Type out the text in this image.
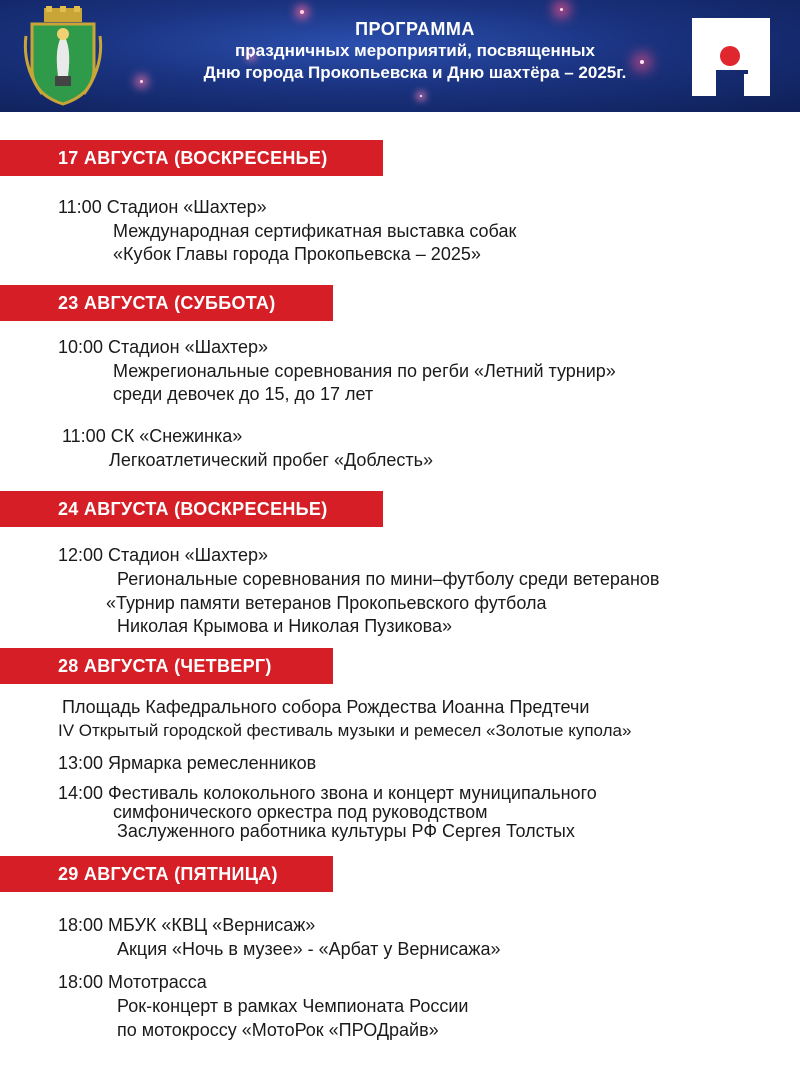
ПРОГРАММА
праздничных мероприятий, посвященных
Дню города Прокопьевска и Дню шахтёра – 2025г.
17 АВГУСТА (ВОСКРЕСЕНЬЕ)
11:00 Стадион «Шахтер»
Международная сертификатная выставка собак
«Кубок Главы города Прокопьевска – 2025»
23 АВГУСТА (СУББОТА)
10:00 Стадион «Шахтер»
Межрегиональные соревнования по регби «Летний турнир»
среди девочек до 15, до 17 лет
11:00 СК «Снежинка»
Легкоатлетический пробег «Доблесть»
24 АВГУСТА (ВОСКРЕСЕНЬЕ)
12:00 Стадион «Шахтер»
Региональные соревнования по мини–футболу среди ветеранов
«Турнир памяти ветеранов Прокопьевского футбола
Николая Крымова и Николая Пузикова»
28 АВГУСТА (ЧЕТВЕРГ)
Площадь Кафедрального собора Рождества Иоанна Предтечи
IV Открытый городской фестиваль музыки и ремесел «Золотые купола»
13:00 Ярмарка ремесленников
14:00 Фестиваль колокольного звона и концерт муниципального
симфонического оркестра под руководством
Заслуженного работника культуры РФ Сергея Толстых
29 АВГУСТА (ПЯТНИЦА)
18:00 МБУК «КВЦ «Вернисаж»
Акция «Ночь в музее» - «Арбат у Вернисажа»
18:00 Мототрасса
Рок-концерт в рамках Чемпионата России
по мотокроссу «МотоРок «ПРОДрайв»
